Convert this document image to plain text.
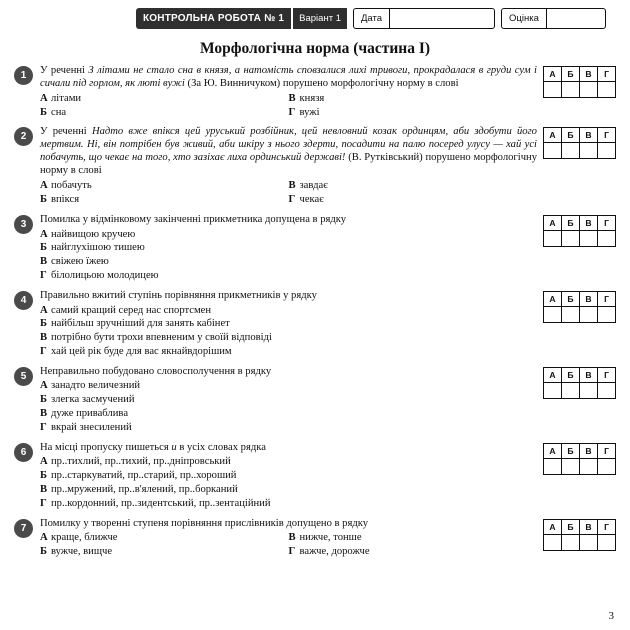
КОНТРОЛЬНА РОБОТА № 1	Варіант 1	Дата	Оцінка
Морфологічна норма (частина I)
1	У реченні З літами не стало сна в князя, а натомість сповзалися лихі тривоги, прокрадалася в груди сум і сичали під горлом, як люті вужі (За Ю. Винничуком) порушено морфологічну норму в слові
А літами	В князя
Б сна	Г вужі
А	Б	В	Г

2	У реченні Надто вже впікся цей уруський розбійник, цей невловний козак ординцям, аби здобути його мертвим. Ні, він потрібен був живий, аби шкіру з нього здерти, посадити на палю посеред улусу — хай усі побачуть, що чекає на того, хто зазіхає лиха ординський державі! (В. Рутківський) порушено морфологічну норму в слові
А побачуть	В завдає
Б впікся	Г чекає
А	Б	В	Г

3	Помилка у відмінковому закінченні прикметника допущена в рядку
А найвищою кручею
Б найглухішою тишею
В свіжею їжею
Г білолицьою молодицею
А	Б	В	Г

4	Правильно вжитий ступінь порівняння прикметників у рядку
А самий кращий серед нас спортсмен
Б найбільш зручніший для занять кабінет
В потрібно бути трохи впевненим у своїй відповіді
Г хай цей рік буде для вас якнайвдорішим
А	Б	В	Г

5	Неправильно побудовано словосполучення в рядку
А занадто величезний
Б злегка засмучений
В дуже привабливa
Г вкрай знесилений
А	Б	В	Г

6	На місці пропуску пишеться и в усіх словах рядка
А пр..тихлий, пр..тихий, пр..дніпровський
Б пр..старкуватий, пр..старий, пр..хороший
В пр..мружений, пр..в'ялений, пр..борканий
Г пр..кордонний, пр..зидентський, пр..зентаційний
А	Б	В	Г

7	Помилку у творенні ступеня порівняння прислівників допущено в рядку
А краще, ближче	В нижче, тонше
Б вужче, вищче	Г важче, дорожче
А	Б	В	Г

3
